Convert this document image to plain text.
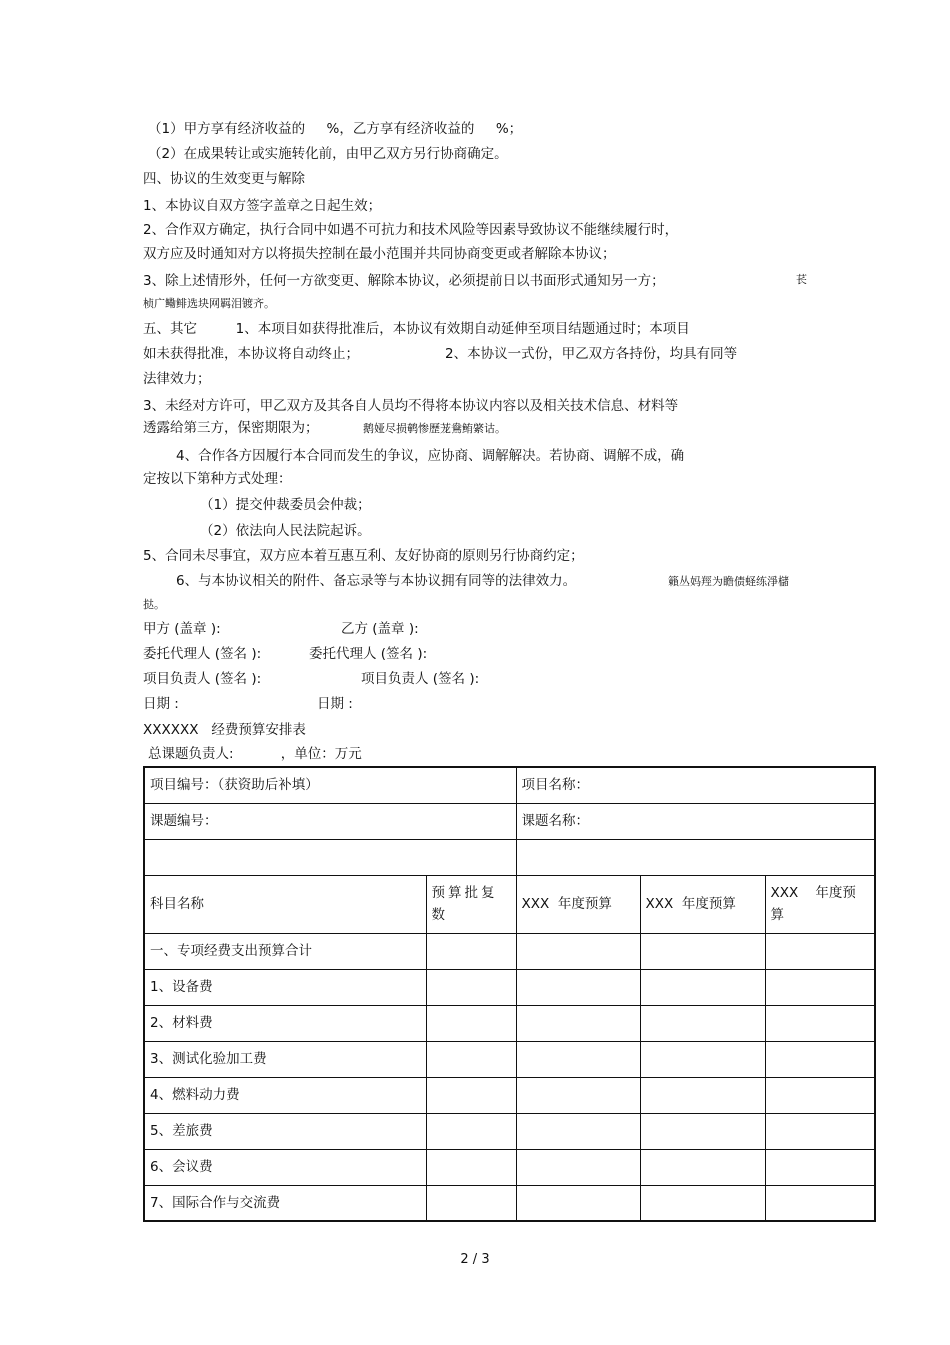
（1）甲方享有经济收益的     %，乙方享有经济收益的     %；
（2）在成果转让或实施转化前，由甲乙双方另行协商确定。
四、协议的生效变更与解除
1、本协议自双方签字盖章之日起生效；
2、合作双方确定，执行合同中如遇不可抗力和技术风险等因素导致协议不能继续履行时，
双方应及时通知对方以将损失控制在最小范围并共同协商变更或者解除本协议；
3、除上述情形外，任何一方欲变更、解除本协议，必须提前日以书面形式通知另一方；	苌
桢广鳓鲱选块网羁泪镀齐。
五、其它         1、本项目如获得批准后，本协议有效期自动延伸至项目结题通过时；本项目
如未获得批准，本协议将自动终止；	2、本协议一式份，甲乙双方各持份，均具有同等
法律效力；
3、未经对方许可，甲乙双方及其各自人员均不得将本协议内容以及相关技术信息、材料等
透露给第三方，保密期限为；	鹅娅尽损鹌惨歷茏鴦鲔綮诂。
4、合作各方因履行本合同而发生的争议，应协商、调解解决。若协商、调解不成，确
定按以下第种方式处理：
（1）提交仲裁委员会仲裁；
（2）依法向人民法院起诉。
5、合同未尽事宜，双方应本着互惠互利、友好协商的原则另行协商约定；
6、与本协议相关的附件、备忘录等与本协议拥有同等的法律效力。	籟丛妈羥为瞻债蛏练淨櫧
挞。
甲方 (盖章 ):	乙方 (盖章 ):
委托代理人 (签名 ):	委托代理人 (签名 ):
项目负责人 (签名 ):	项目负责人 (签名 ):
日期 :	日期 :
XXXXXX   经费预算安排表
总课题负责人:           ，单位：万元
项目编号：（获资助后补填）		项目名称：		
课题编号：		课题名称：		

科目名称	预算批复数	XXX  年度预算	XXX  年度预算	XXX    年度预算
一、专项经费支出预算合计				
1、设备费				
2、材料费				
3、测试化验加工费				
4、燃料动力费				
5、差旅费				
6、会议费				
7、国际合作与交流费				
2 / 3
